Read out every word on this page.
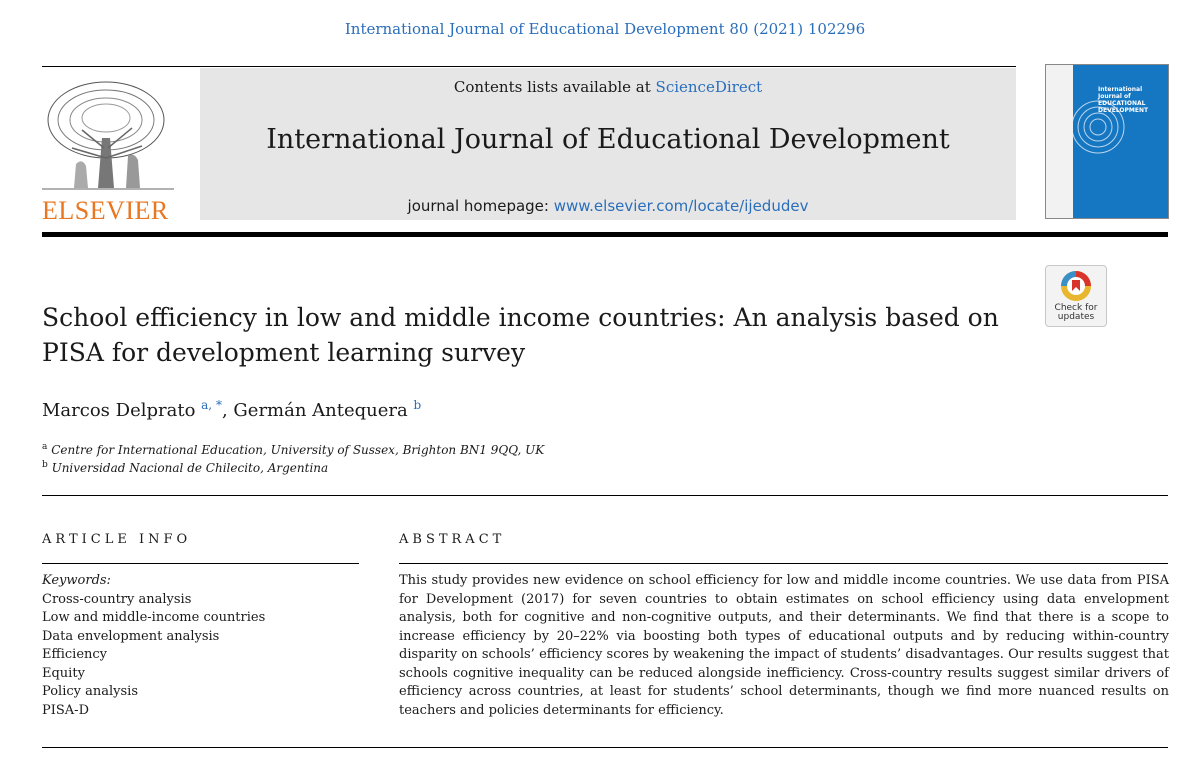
International Journal of Educational Development 80 (2021) 102296
ELSEVIER
Contents lists available at ScienceDirect
International Journal of Educational Development
journal homepage: www.elsevier.com/locate/ijedudev
International Journal of EDUCATIONAL DEVELOPMENT
Check for
updates
School efficiency in low and middle income countries: An analysis based on PISA for development learning survey
Marcos Delprato $^{a, *}$, Germán Antequera $^b$
$^a$ Centre for International Education, University of Sussex, Brighton BN1 9QQ, UK
$^b$ Universidad Nacional de Chilecito, Argentina
ARTICLE INFO	ABSTRACT
Keywords:
Cross-country analysis
Low and middle-income countries
Data envelopment analysis
Efficiency
Equity
Policy analysis
PISA-D
This study provides new evidence on school efficiency for low and middle income countries. We use data from PISA for Development (2017) for seven countries to obtain estimates on school efficiency using data envelopment analysis, both for cognitive and non-cognitive outputs, and their determinants. We find that there is a scope to increase efficiency by 20–22% via boosting both types of educational outputs and by reducing within-country disparity on schools’ efficiency scores by weakening the impact of students’ disadvantages. Our results suggest that schools cognitive inequality can be reduced alongside inefficiency. Cross-country results suggest similar drivers of efficiency across countries, at least for students’ school determinants, though we find more nuanced results on teachers and policies determinants for efficiency.
